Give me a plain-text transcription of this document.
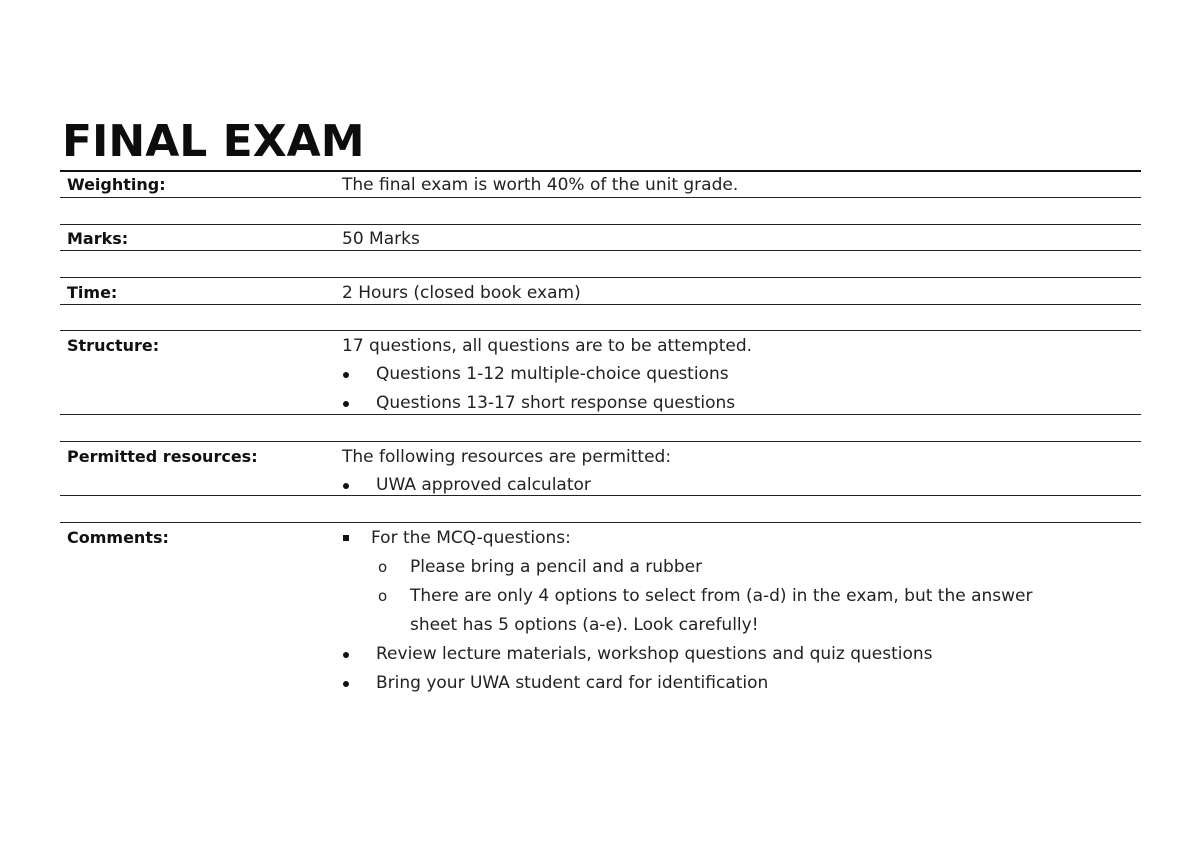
FINAL EXAM
Weighting:	The final exam is worth 40% of the unit grade.
Marks:	50 Marks
Time:	2 Hours (closed book exam)
Structure:	17 questions, all questions are to be attempted.
Questions 1-12 multiple-choice questions
Questions 13-17 short response questions
Permitted resources:	The following resources are permitted:
UWA approved calculator
Comments:	For the MCQ-questions:
o Please bring a pencil and a rubber
o There are only 4 options to select from (a-d) in the exam, but the answer
sheet has 5 options (a-e). Look carefully!
Review lecture materials, workshop questions and quiz questions
Bring your UWA student card for identification
